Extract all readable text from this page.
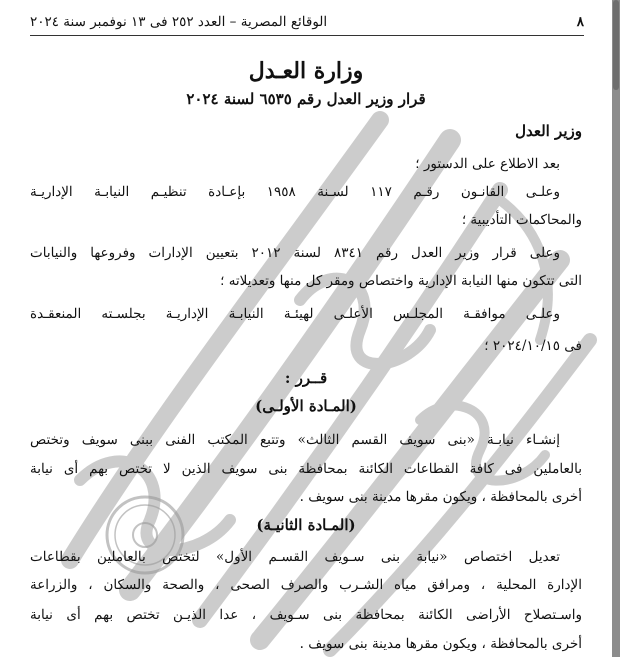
٨
الوقائع المصرية – العدد ٢٥٢ فى ١٣ نوفمبر سنة ٢٠٢٤
وزارة العـدل
قرار وزير العدل رقم ٦٥٣٥ لسنة ٢٠٢٤
وزير العدل
بعد الاطلاع على الدستور ؛
وعلـى القانـون رقـم ١١٧ لسـنة ١٩٥٨ بإعـادة تنظيـم النيابـة الإداريـة
والمحاكمات التأديبية ؛
وعلى قرار وزير العدل رقم ٨٣٤١ لسنة ٢٠١٢ بتعيين الإدارات وفروعها والنيابات
التى تتكون منها النيابة الإدارية واختصاص ومقر كل منها وتعديلاته ؛
وعلـى موافقـة المجلـس الأعلـى لهيئـة النيابـة الإداريـة بجلسـته المنعقـدة
فى ٢٠٢٤/١٠/١٥ ؛
قــرر :
(المـادة الأولـى)
إنشـاء نيابـة «بنى سويف القسم الثالث» وتتبع المكتب الفنى ببنى سويف وتختص
بالعاملين فى كافة القطاعات الكائنة بمحافظة بنى سويف الذين لا تختص بهم أى نيابة
أخرى بالمحافظة ، ويكون مقرها مدينة بنى سويف .
(المـادة الثانيـة)
تعديل اختصاص «نيابة بنى سـويف القسـم الأول» لتختص بالعاملين بقطاعات
الإدارة المحلية ، ومرافق مياه الشـرب والصرف الصحى ، والصحة والسكان ، والزراعة
واسـتصلاح الأراضى الكائنة بمحافظة بنى سـويف ، عدا الذيـن تختص بهم أى نيابة
أخرى بالمحافظة ، ويكون مقرها مدينة بنى سويف .
